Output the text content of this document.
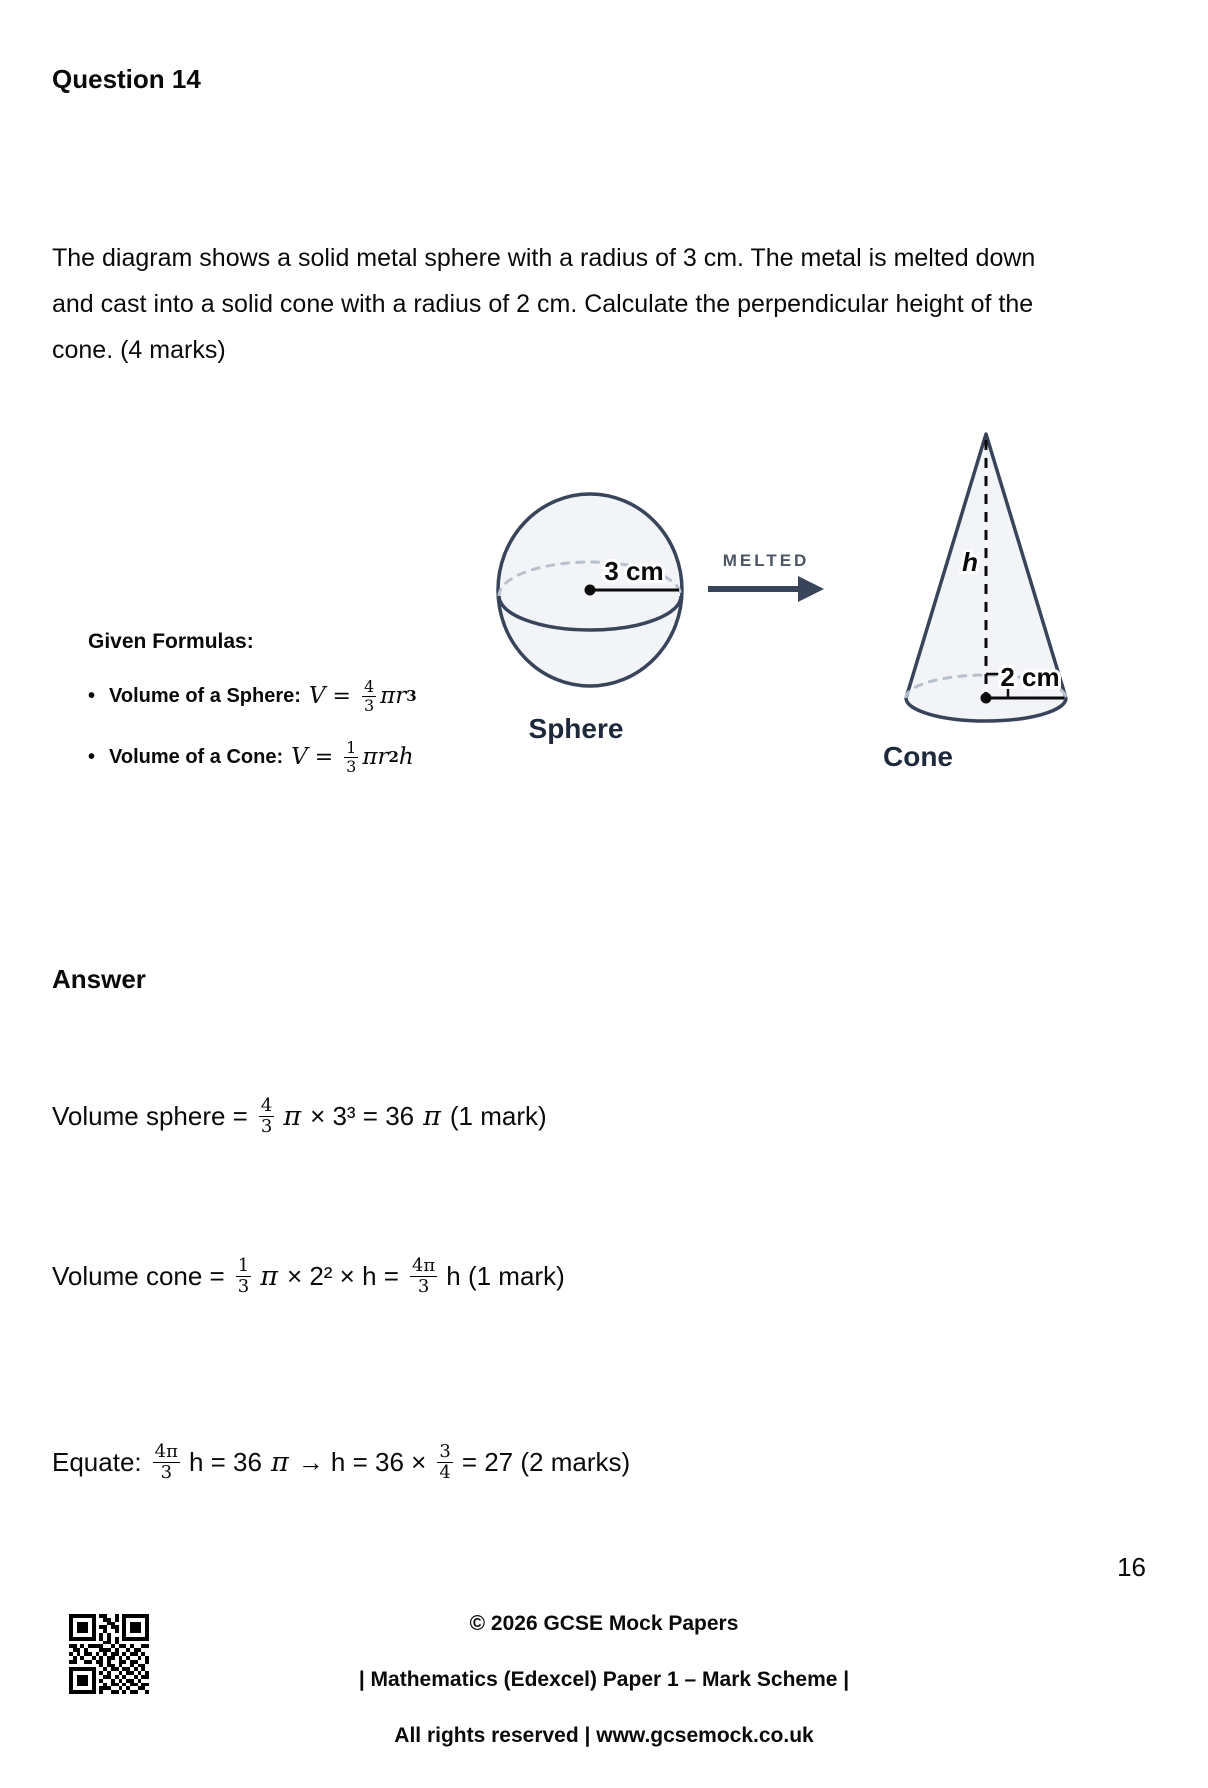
Question 14

The diagram shows a solid metal sphere with a radius of 3 cm. The metal is melted down and cast into a solid cone with a radius of 2 cm. Calculate the perpendicular height of the cone. (4 marks)

3 cm
Sphere
MELTED	h
2 cm
Cone
Given Formulas:
• Volume of a Sphere: $V = \frac{4}{3}$ πr 3
• Volume of a Cone: $V = \frac{1}{3}$ πr 2 h
Answer
Volume sphere = $\frac{4}{3}$ π × 3³ = 36 π (1 mark)
Volume cone = $\frac{1}{3}$ $\pi \times 2^2 \times h = \frac{4\pi}{3}$ h (1 mark)
Equate: $\frac{4\pi}{3}$ h = 36 $\pi \to h = 36 \times \frac{3}{4} = 27$ (2 marks)
16
© 2026 GCSE Mock Papers
| Mathematics (Edexcel) Paper 1 – Mark Scheme |
All rights reserved | www.gcsemock.co.uk
